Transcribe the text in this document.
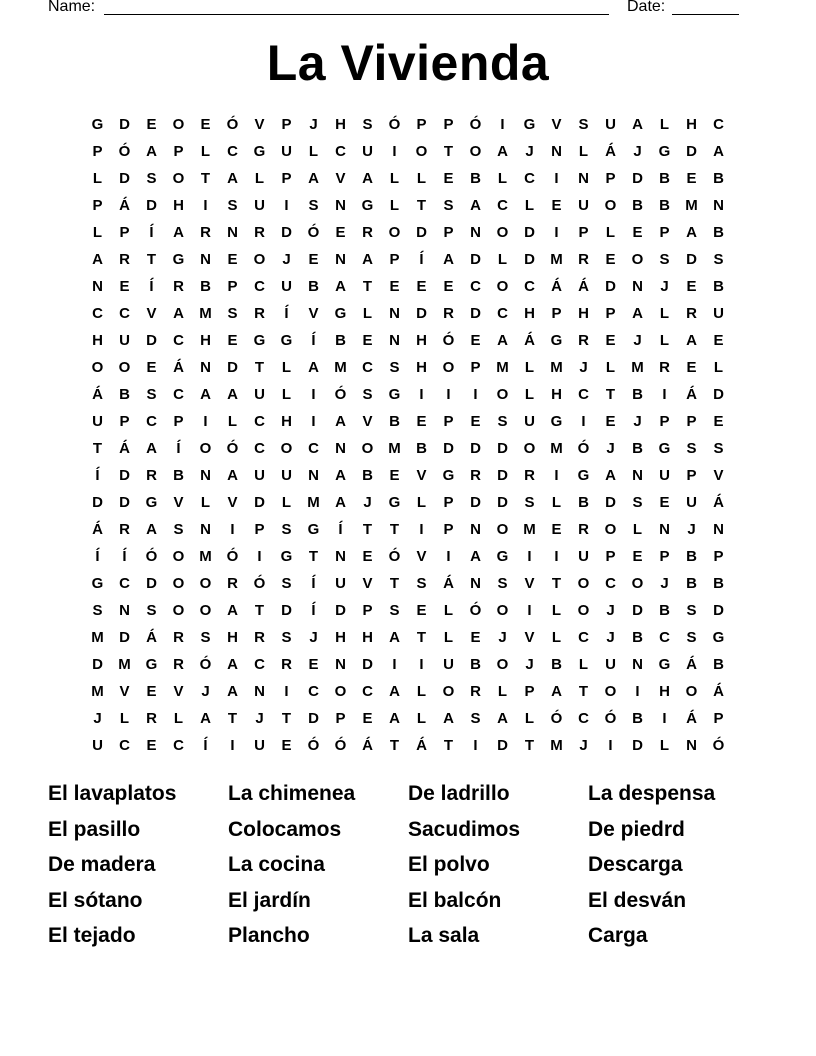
Name:	Date:
La Vivienda
G	D	E	O	E	Ó	V	P	J	H	S	Ó	P	P	Ó	I	G	V	S	U	A	L	H	C
P	Ó	A	P	L	C	G	U	L	C	U	I	O	T	O	A	J	N	L	Á	J	G	D	A
L	D	S	O	T	A	L	P	A	V	A	L	L	E	B	L	C	I	N	P	D	B	E	B
P	Á	D	H	I	S	U	I	S	N	G	L	T	S	A	C	L	E	U	O	B	B	M	N
L	P	Í	A	R	N	R	D	Ó	E	R	O	D	P	N	O	D	I	P	L	E	P	A	B
A	R	T	G	N	E	O	J	E	N	A	P	Í	A	D	L	D	M	R	E	O	S	D	S
N	E	Í	R	B	P	C	U	B	A	T	E	E	E	C	O	C	Á	Á	D	N	J	E	B
C	C	V	A	M	S	R	Í	V	G	L	N	D	R	D	C	H	P	H	P	A	L	R	U
H	U	D	C	H	E	G	G	Í	B	E	N	H	Ó	E	A	Á	G	R	E	J	L	A	E
O	O	E	Á	N	D	T	L	A	M	C	S	H	O	P	M	L	M	J	L	M	R	E	L
Á	B	S	C	A	A	U	L	I	Ó	S	G	I	I	I	O	L	H	C	T	B	I	Á	D
U	P	C	P	I	L	C	H	I	A	V	B	E	P	E	S	U	G	I	E	J	P	P	E
T	Á	A	Í	O	Ó	C	O	C	N	O M	B	D	D	D	O M Ó	J	B	G	S	S
Í	D	R	B	N	A	U	U	N	A	B	E	V	G	R	D	R	I	G	A	N	U	P	V
D	D	G	V	L	V	D	L	M	A	J	G	L	P	D	D	S	L	B	D	S	E	U	Á
Á	R	A	S	N	I	P	S	G	Í	T	T	I	P	N	O M	E	R	O	L	N	J	N
Í	Í	Ó	O M Ó	I	G	T	N	E	Ó	V	I	A	G	I	I	U	P	E	P	B	P
G	C	D	O	O	R	Ó	S	Í	U	V	T	S	Á	N	S	V	T	O	C	O	J	B	B
S	N	S	O	O	A	T	D	Í	D	P	S	E	L	Ó	O	I	L	O	J	D	B	S	D
M	D	Á	R	S	H	R	S	J	H	H	A	T	L	E	J	V	L	C	J	B	C	S	G
D	M G	R	Ó	A	C	R	E	N	D	I	I	U	B	O	J	B	L	U	N	G	Á	B
M	V	E	V	J	A	N	I	C	O	C	A	L	O	R	L	P	A	T	O	I	H	O	Á
J	L	R	L	A	T	J	T	D	P	E	A	L	A	S	A	L	Ó	C	Ó	B	I	Á	P
U	C	E	C	Í	I	U	E	Ó	Ó	Á	T	Á	T	I	D	T	M	J	I	D	L	N	Ó
El lavaplatos	La chimenea	De ladrillo	La despensa
El pasillo	Colocamos	Sacudimos	De piedrd
De madera	La cocina	El polvo	Descarga
El sótano	El jardín	El balcón	El desván
El tejado	Plancho	La sala	Carga
